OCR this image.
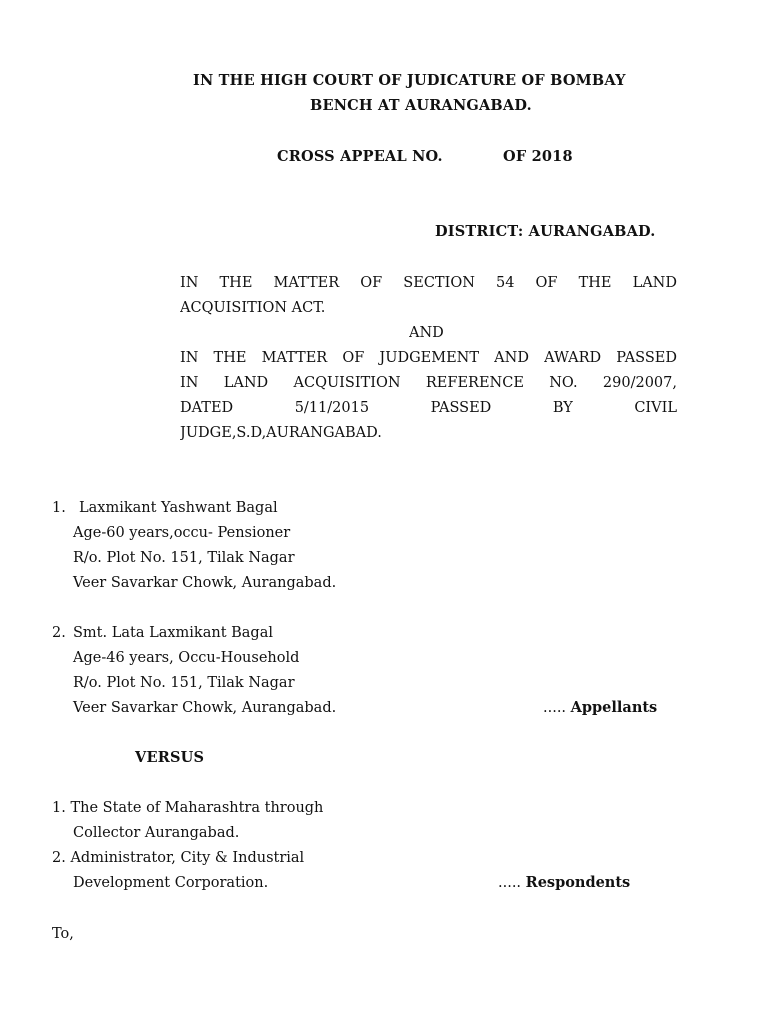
IN THE HIGH COURT OF JUDICATURE OF BOMBAY
BENCH AT AURANGABAD.
CROSS APPEAL NO.	OF 2018
DISTRICT: AURANGABAD.
IN THE MATTER OF SECTION 54 OF THE LAND
ACQUISITION ACT.
AND
IN THE MATTER OF JUDGEMENT AND AWARD PASSED
IN LAND ACQUISITION REFERENCE NO. 290/2007,
DATED	5/11/2015	PASSED	BY	CIVIL
JUDGE,S.D,AURANGABAD.
1. Laxmikant Yashwant Bagal
Age-60 years,occu- Pensioner
R/o. Plot No. 151, Tilak Nagar
Veer Savarkar Chowk, Aurangabad.
2. Smt. Lata Laxmikant Bagal
Age-46 years, Occu-Household
R/o. Plot No. 151, Tilak Nagar
Veer Savarkar Chowk, Aurangabad.	..... Appellants
VERSUS
1. The State of Maharashtra through
Collector Aurangabad.
2. Administrator, City & Industrial
Development Corporation.	..... Respondents
To,
